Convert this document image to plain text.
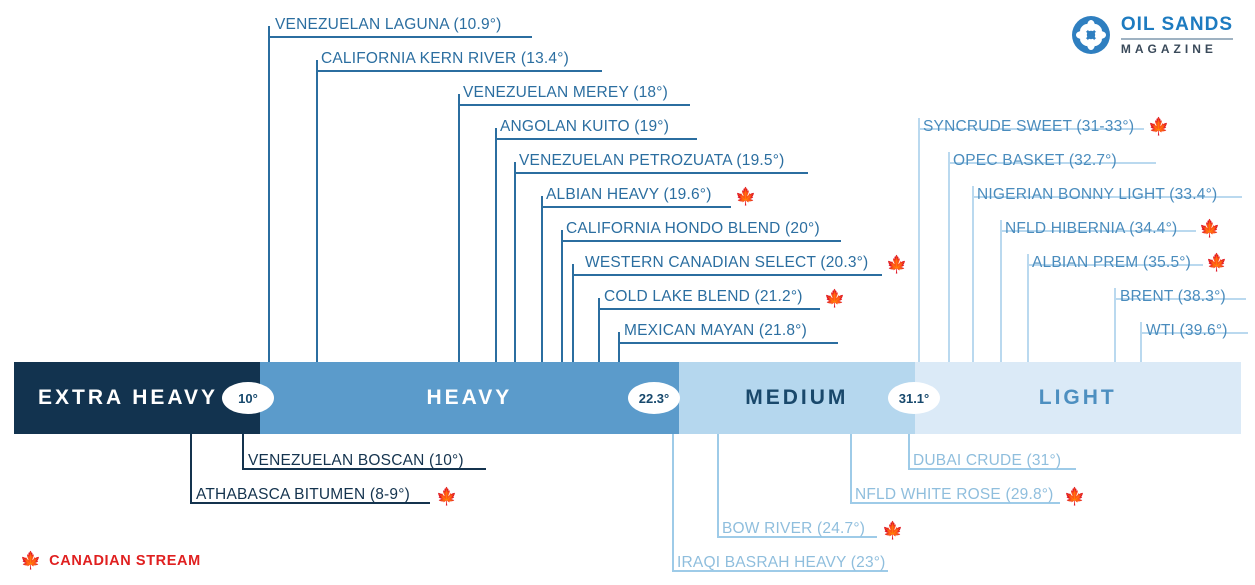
OIL SANDS
MAGAZINE
VENEZUELAN LAGUNA (10.9°)
CALIFORNIA KERN RIVER (13.4°)
VENEZUELAN MEREY (18°)
ANGOLAN KUITO (19°)
VENEZUELAN PETROZUATA (19.5°)
ALBIAN HEAVY (19.6°) 🍁
CALIFORNIA HONDO BLEND (20°)
WESTERN CANADIAN SELECT (20.3°) 🍁
COLD LAKE BLEND (21.2°) 🍁
MEXICAN MAYAN (21.8°)
SYNCRUDE SWEET (31-33°) 🍁
OPEC BASKET (32.7°)
NIGERIAN BONNY LIGHT (33.4°)
NFLD HIBERNIA (34.4°) 🍁
ALBIAN PREM (35.5°) 🍁
BRENT (38.3°)
WTI (39.6°)
EXTRA HEAVY	HEAVY	MEDIUM	LIGHT
10°	22.3°	31.1°
VENEZUELAN BOSCAN (10°)
ATHABASCA BITUMEN (8-9°) 🍁
IRAQI BASRAH HEAVY (23°)
BOW RIVER (24.7°) 🍁
NFLD WHITE ROSE (29.8°) 🍁
DUBAI CRUDE (31°)
🍁 CANADIAN STREAM
